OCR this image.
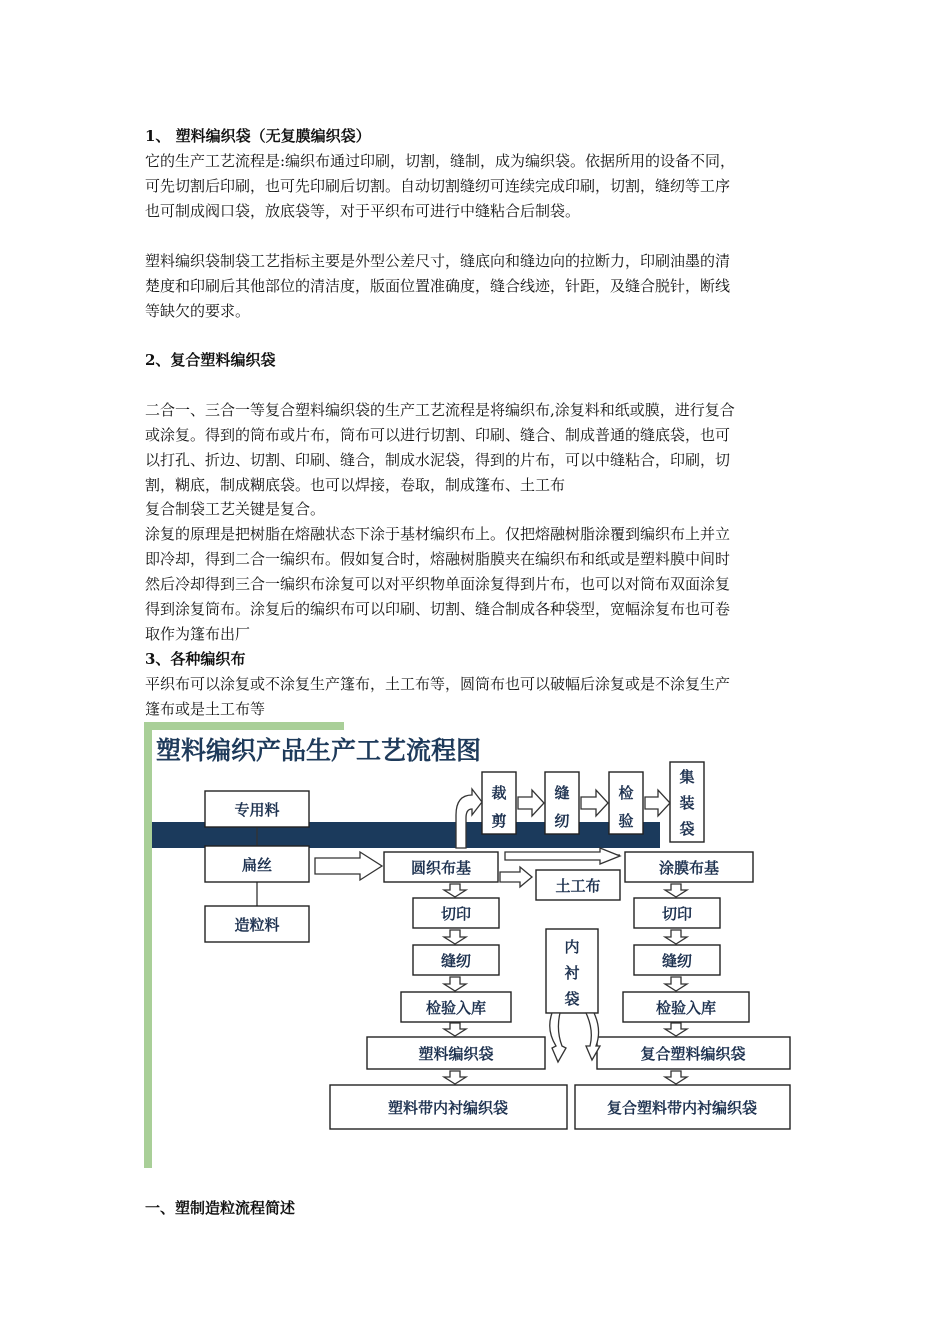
1、 塑料编织袋（无复膜编织袋）
它的生产工艺流程是:编织布通过印刷，切割，缝制，成为编织袋。依据所用的设备不同，
可先切割后印刷，也可先印刷后切割。自动切割缝纫可连续完成印刷，切割，缝纫等工序
也可制成阀口袋，放底袋等，对于平织布可进行中缝粘合后制袋。
塑料编织袋制袋工艺指标主要是外型公差尺寸，缝底向和缝边向的拉断力，印刷油墨的清
楚度和印刷后其他部位的清洁度，版面位置准确度，缝合线迹，针距，及缝合脱针，断线
等缺欠的要求。
2、复合塑料编织袋
二合一、三合一等复合塑料编织袋的生产工艺流程是将编织布,涂复料和纸或膜，进行复合
或涂复。得到的筒布或片布，筒布可以进行切割、印刷、缝合、制成普通的缝底袋，也可
以打孔、折边、切割、印刷、缝合，制成水泥袋，得到的片布，可以中缝粘合，印刷，切
割，糊底，制成糊底袋。也可以焊接，卷取，制成篷布、土工布
复合制袋工艺关键是复合。
涂复的原理是把树脂在熔融状态下涂于基材编织布上。仅把熔融树脂涂覆到编织布上并立
即冷却，得到二合一编织布。假如复合时，熔融树脂膜夹在编织布和纸或是塑料膜中间时
然后冷却得到三合一编织布涂复可以对平织物单面涂复得到片布，也可以对筒布双面涂复
得到涂复筒布。涂复后的编织布可以印刷、切割、缝合制成各种袋型，宽幅涂复布也可卷
取作为篷布出厂
3、各种编织布
平织布可以涂复或不涂复生产篷布，土工布等，圆筒布也可以破幅后涂复或是不涂复生产
篷布或是土工布等
一、塑制造粒流程简述
塑料编织产品生产工艺流程图
专用料
扁丝
造粒料
圆织布基
土工布
涂膜布基
切印
缝纫
检验入库
塑料编织袋
塑料带内衬编织袋
切印
缝纫
检验入库
复合塑料编织袋
复合塑料带内衬编织袋
内
衬
袋
裁
剪
缝
纫
检
验
集
装
袋
